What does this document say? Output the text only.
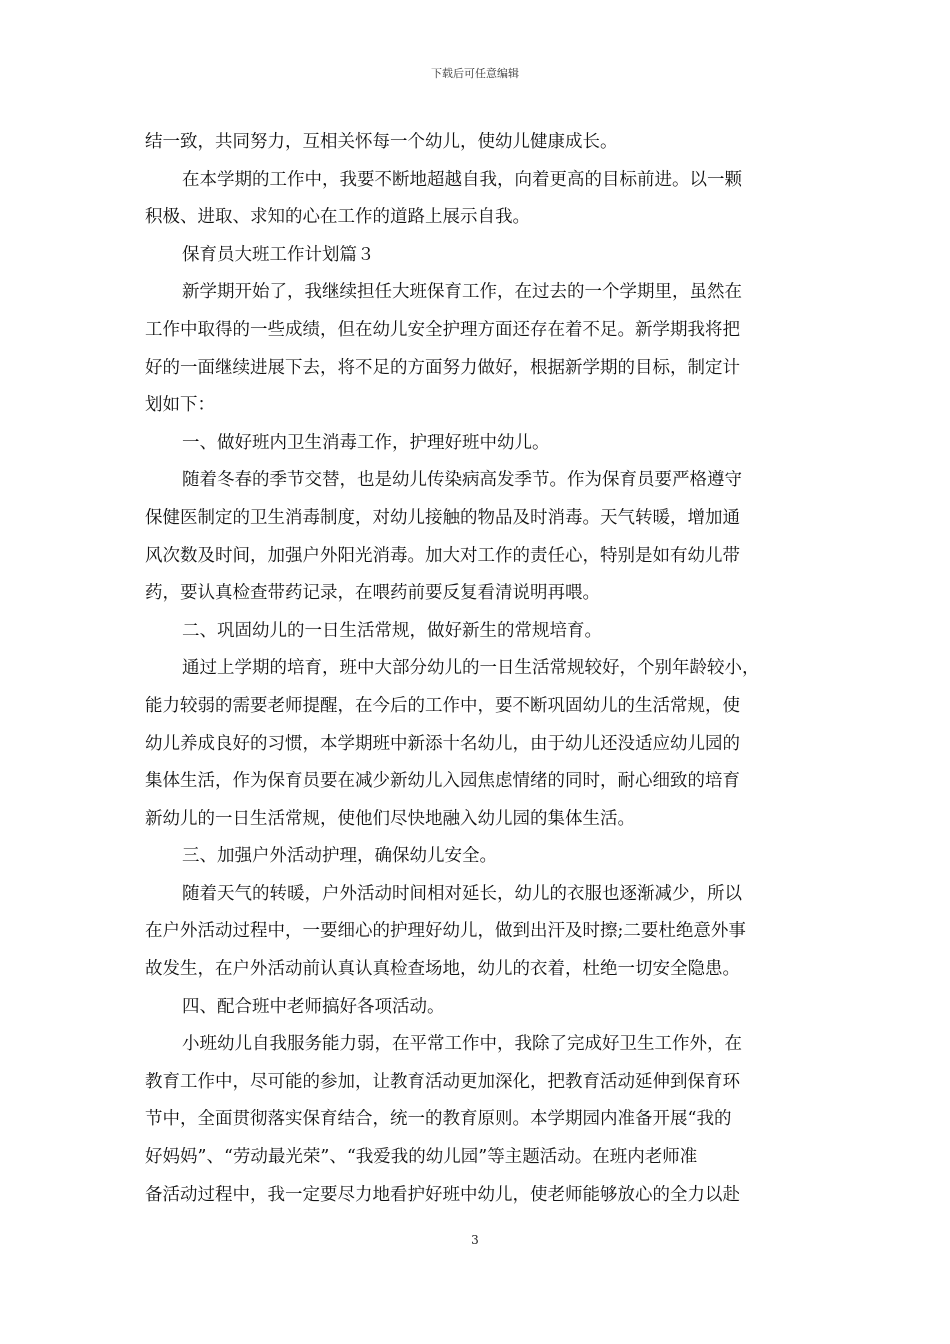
下载后可任意编辑
结一致，共同努力，互相关怀每一个幼儿，使幼儿健康成长。
在本学期的工作中，我要不断地超越自我，向着更高的目标前进。以一颗
积极、进取、求知的心在工作的道路上展示自我。
保育员大班工作计划篇３
新学期开始了，我继续担任大班保育工作，在过去的一个学期里，虽然在
工作中取得的一些成绩，但在幼儿安全护理方面还存在着不足。新学期我将把
好的一面继续进展下去，将不足的方面努力做好，根据新学期的目标，制定计
划如下：
一、做好班内卫生消毒工作，护理好班中幼儿。
随着冬春的季节交替，也是幼儿传染病高发季节。作为保育员要严格遵守
保健医制定的卫生消毒制度，对幼儿接触的物品及时消毒。天气转暖，增加通
风次数及时间，加强户外阳光消毒。加大对工作的责任心，特别是如有幼儿带
药，要认真检查带药记录，在喂药前要反复看清说明再喂。
二、巩固幼儿的一日生活常规，做好新生的常规培育。
通过上学期的培育，班中大部分幼儿的一日生活常规较好，个别年龄较小，
能力较弱的需要老师提醒，在今后的工作中，要不断巩固幼儿的生活常规，使
幼儿养成良好的习惯，本学期班中新添十名幼儿，由于幼儿还没适应幼儿园的
集体生活，作为保育员要在减少新幼儿入园焦虑情绪的同时，耐心细致的培育
新幼儿的一日生活常规，使他们尽快地融入幼儿园的集体生活。
三、加强户外活动护理，确保幼儿安全。
随着天气的转暖，户外活动时间相对延长，幼儿的衣服也逐渐减少，所以
在户外活动过程中，一要细心的护理好幼儿，做到出汗及时擦;二要杜绝意外事
故发生，在户外活动前认真认真检查场地，幼儿的衣着，杜绝一切安全隐患。
四、配合班中老师搞好各项活动。
小班幼儿自我服务能力弱，在平常工作中，我除了完成好卫生工作外，在
教育工作中，尽可能的参加，让教育活动更加深化，把教育活动延伸到保育环
节中，全面贯彻落实保育结合，统一的教育原则。本学期园内准备开展“我的
好妈妈”、“劳动最光荣”、“我爱我的幼儿园”等主题活动。在班内老师准
备活动过程中，我一定要尽力地看护好班中幼儿，使老师能够放心的全力以赴
3
